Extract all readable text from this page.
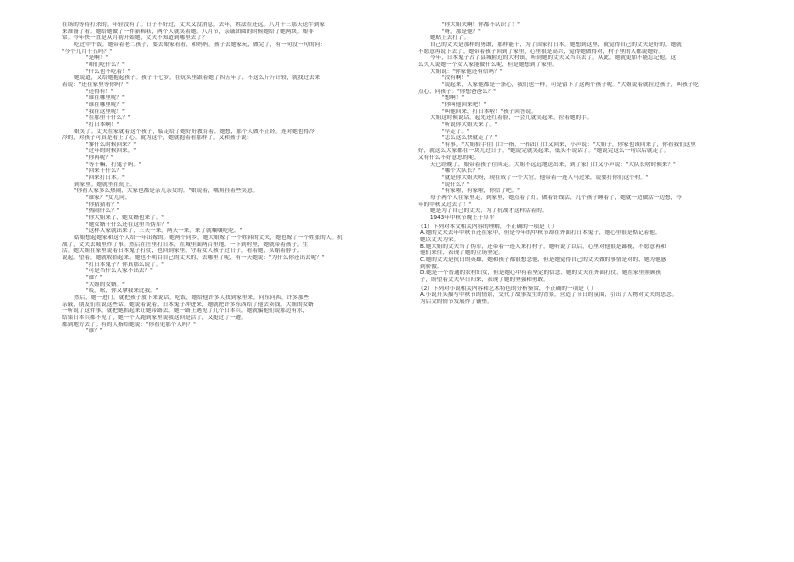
在场的等待打杀的。年轻没有了。日子不好过，丈夫又没消息。去年，姓法在还远。八月十三那天送牛到家
来准备了看。她给她做了一件新棉袄，两个人就笑着她。八月节，亲戚团圆的时候她给了她两块。娘非
常。今年快一直是从月初开始她，丈夫不知道到哪里去了？
吃过中午饭，她带着老二孩子，要去娘家看看，和妈妈。孩子去她家玩，做完了，有一句没一句的问：
"今个儿月十五吗？"
"是啊！"
"咱们吃什么？"
"什么也不吃着！"
她说道，又给她抱起孩子。孩子十七岁，在炕头里跟着她了四五年了，不这么斤斤计较，就找过去来
着说："还在家里等你吗？"
"还得有！"
"谁在哪里呢？"
"谁在哪里呢？"
"我在这里呢！"
"在那里干什么？"
"打日本啊！"
娘笑了。丈夫在家就着这个孩子，临走给了她好好教育着。她想，那个人做不正经。连对她也得冷
冷的，对孩子可真是看上了心。就为这个，她就抱着看那样了。又和孩子说：
"爹什么时候回来？"
"过年的时候回来。"
"你再呢？"
"等干嘛，打鬼子吗。"
"回来干什么？"
"回来打日本。"
到家里。她就坐在炕上。
"你看人家多么热闹，大家也都是亲儿亲女的。"娘说着，嘴角挂着些笑意。
"谁家？"女儿问。
"你猜猜看？"
"热闹什么？"
"你大姐来了，她女婿也来了。"
"她女婿干什么还在这里当伪军？"
"这样人家就出来了，三天一来，两天一来，来了就嚷嚷吃吃。"
姑娘想起她家和这个人给一年出嫁的。她两个同乡，她大娘嫁了一个姓韩的丈夫，她也嫁了一个姓张的人。抗
战了，丈夫去城里作了事。然后在庄里打日本，在城里面两百里地。一下到村里，她就带着孩子，生
活。她大姐在家里说着日本鬼子打仗，也回到家里。守着女人孩子过日子，看着她，头缩着脖子。
说起。望着，她就收拾起来。她也不明白自己的丈夫的，去哪里了呢，有一天她说："为什么你还出去呢？"
"打日本鬼子？你真那么说了。"
"可是当什么人家不出去？"
"谁？"
"大姐的女婿。"
"哎，吆，你又拿我来比我。"
然后，她一进门，就把孩子放下来说话，吃饭，她给他许多人找到家里来，问东问西，许多那些
亲戚，朋友们在说这些话。她说着说着，日本鬼子冲进来，她就把许多东西给了他去卖钱。大姐的女婿
一听说了这件事，就把她抓起来让她带路去。她一路上遇见了几个日本兵，她就骗他们说那边有水，
结果日本兵都不见了，她一个人跑到家里说我这回是活了，又挺过了一遭。
都到地方去了。有的人指给她说："你看见那个人吗？"
"谁？"
"你大姐夫啊！你都不认识了！"
"呀，那是他？"
她贴上去打了。
自己的丈夫是那样的勇敢，那样能干，为了国家打日本。她想到这里，就觉得自己的丈夫是好的，她就
不愿意再说下去了。她带着孩子回到了家里，心里很是高兴，觉得她做得对，村子里的人都说她好。
今年，日本鬼子占了县城附近的大村镇，听到她的丈夫又当兵去了。从此，她就更加不能忘记他，这
么久人说她一个女人家能做什么呢，但是她想到了家里。
大姐说："你家他还有信吗？"
"没有啊！"
"说起来，人家他都是一条心，我们也一样，可是留下了这两个孩子呢。"大姐说着就拉过孩子，叫孩子吃
点心，问孩子："你想爸爸么？"
"想啊！"
"你叫他回来吧！"
"叫他回来，打日本啦！"孩子回答说。
大姐这时候说话，起先还红着脸，一会儿就笑起来，拉着她的手。
"听说你大姐夫来了。"
"早走了。"
"怎么这么快就走了？"
"有事。"大姐抬手往门口一指，一抬出门口又回来，小声说："大姐子，你家也该回来了，你看我们这里
好，就这么大家都在一块儿过日子。"她说完就笑起来，低头不说话了。"她说完这么一句以后就走了。
又有什么不好意思的呢。
天已经晚了，娘带着孩子往回走。大姐不远远地送出来，到了家门口又小声说："大队长啥时候来？"
"哪个大队长？"
"就是你大姐夫呀，现在成了一个大官，他带着一连人马过来，说要打你们这个村。"
"说什么？"
"有家啦，有家啦，你信了吧。"
母子两个人往家里走，到家里，她点着了灯，做着针线活，几个孩子睡着了，她就一边做活一边想，今
年的中秋又过去了！"
她是为了自己的丈夫，为了抗战才这样活着的。
1943年中秋节晚上于阜平
（1）下列对本文相关内容的理解，不正确的一项是（ ）
A.她的丈夫去年中秋节还在家中，但是今年的中秋节却在外面打日本鬼子，她心里很是惦记着他。
她以丈夫为荣。
B.她大姐的丈夫当了伪军，还带着一连人来打村子，她听说了以后，心里对他很是鄙视，不愿意再和
他们来往，表现了她的立场坚定。
C.她的丈夫是抗日的英雄，她和孩子都很想念他，但是她觉得自己的丈夫做的事情是对的，她为他感
到骄傲。
D.她是一个普通的农村妇女，但是她心中有着坚定的信念，她的丈夫在外面打仗，她在家里照顾孩
子，盼望着丈夫早日归来，表现了她的坚强和勇敢。
（2）下列对小说相关内容和艺术特色的分析鉴赏，不正确的一项是（ ）
A.小说开头描写中秋节的情景，交代了故事发生的背景，营造了节日的氛围，引出了人物对丈夫的思念。
为后文的情节发展作了铺垫。
